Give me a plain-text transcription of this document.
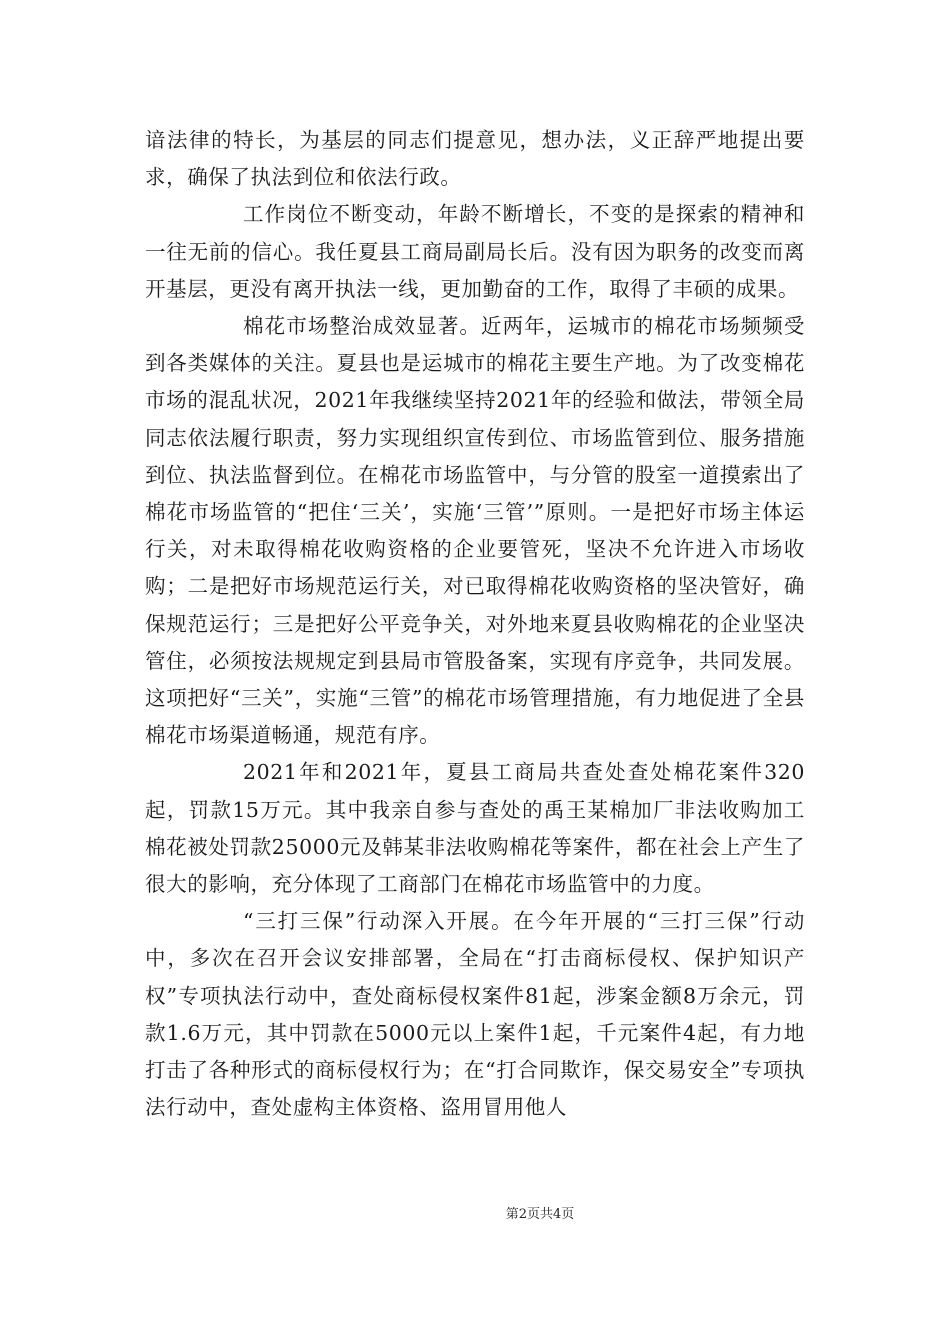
谙法律的特长，为基层的同志们提意见，想办法，义正辞严地提出要求，确保了执法到位和依法行政。

工作岗位不断变动，年龄不断增长，不变的是探索的精神和一往无前的信心。我任夏县工商局副局长后。没有因为职务的改变而离开基层，更没有离开执法一线，更加勤奋的工作，取得了丰硕的成果。

棉花市场整治成效显著。近两年，运城市的棉花市场频频受到各类媒体的关注。夏县也是运城市的棉花主要生产地。为了改变棉花市场的混乱状况，2021年我继续坚持2021年的经验和做法，带领全局同志依法履行职责，努力实现组织宣传到位、市场监管到位、服务措施到位、执法监督到位。在棉花市场监管中，与分管的股室一道摸索出了棉花市场监管的“把住‘三关’，实施‘三管’”原则。一是把好市场主体运行关，对未取得棉花收购资格的企业要管死，坚决不允许进入市场收购；二是把好市场规范运行关，对已取得棉花收购资格的坚决管好，确保规范运行；三是把好公平竞争关，对外地来夏县收购棉花的企业坚决管住，必须按法规规定到县局市管股备案，实现有序竞争，共同发展。这项把好“三关”，实施“三管”的棉花市场管理措施，有力地促进了全县棉花市场渠道畅通，规范有序。

2021年和2021年，夏县工商局共查处查处棉花案件320起，罚款15万元。其中我亲自参与查处的禹王某棉加厂非法收购加工棉花被处罚款25000元及韩某非法收购棉花等案件，都在社会上产生了很大的影响，充分体现了工商部门在棉花市场监管中的力度。

“三打三保”行动深入开展。在今年开展的“三打三保”行动中，多次在召开会议安排部署，全局在“打击商标侵权、保护知识产权”专项执法行动中，查处商标侵权案件81起，涉案金额8万余元，罚款1.6万元，其中罚款在5000元以上案件1起，千元案件4起，有力地打击了各种形式的商标侵权行为；在“打合同欺诈，保交易安全”专项执法行动中，查处虚构主体资格、盗用冒用他人

第2页共4页
